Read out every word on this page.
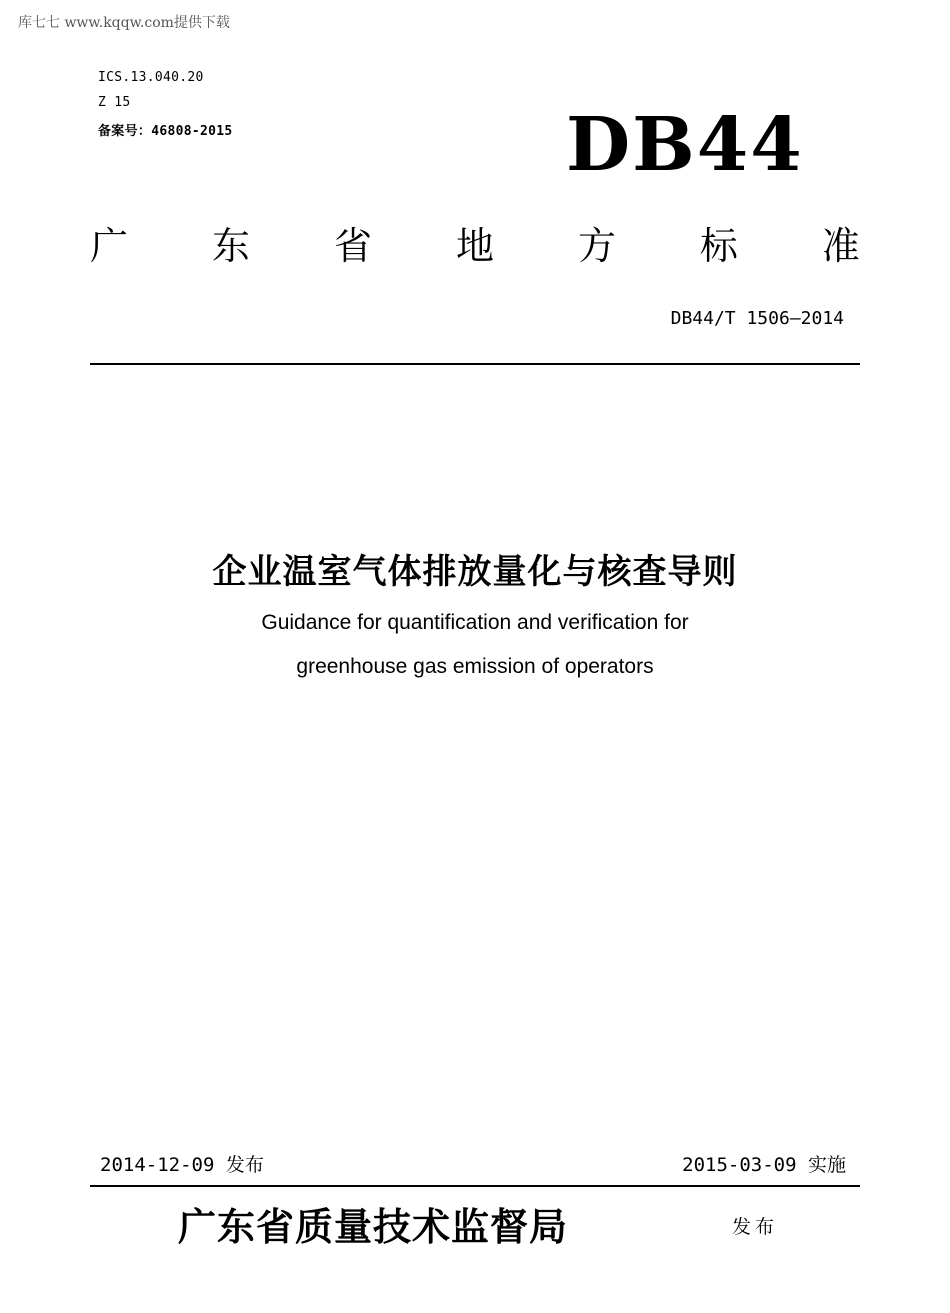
库七七 www.kqqw.com提供下载
ICS.13.040.20
Z 15
备案号：46808-2015	DB44
广 东 省 地 方 标 准
DB44/T 1506—2014
企业温室气体排放量化与核查导则
Guidance for quantification and verification for
greenhouse gas emission of operators
2014-12-09 发布	2015-03-09 实施
广东省质量技术监督局	发布
